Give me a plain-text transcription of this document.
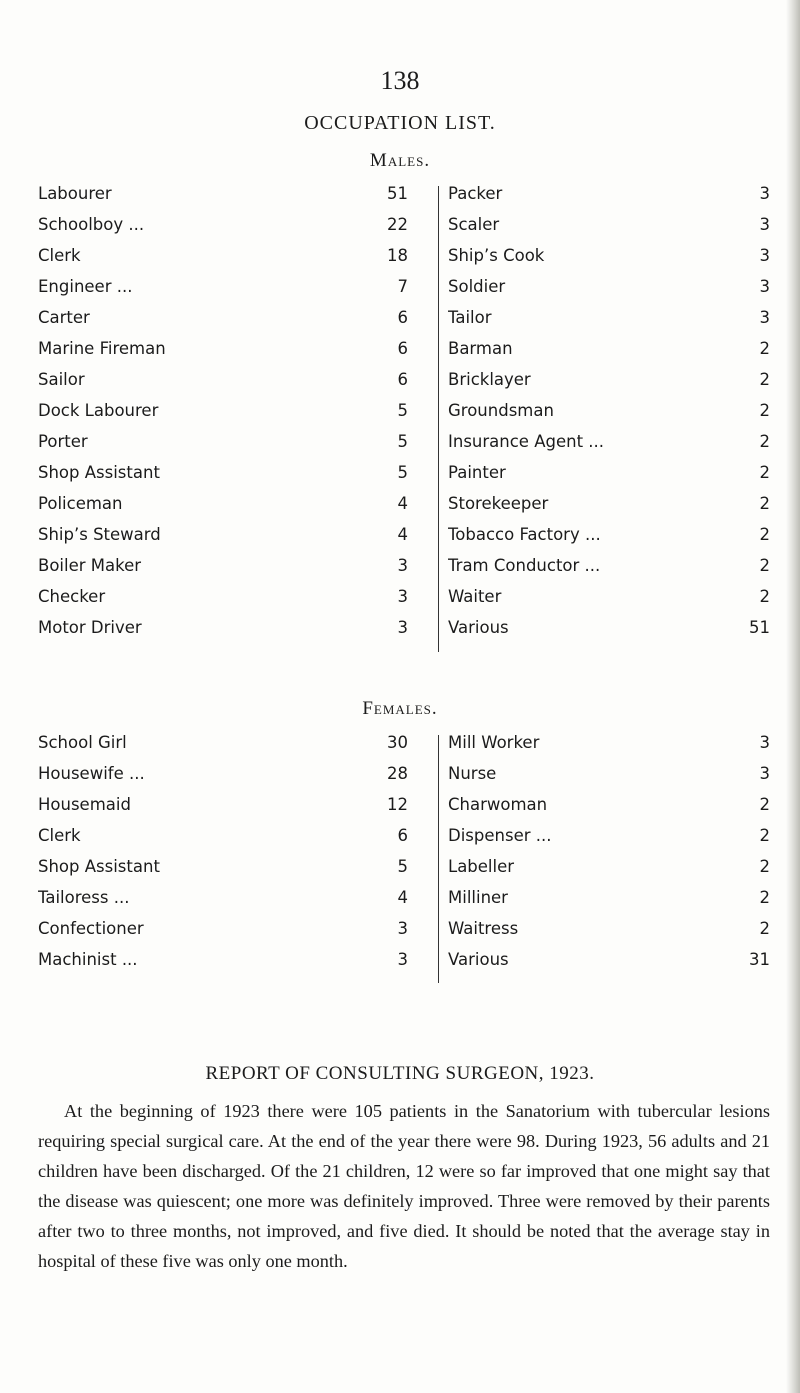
138
OCCUPATION LIST.
Males.
Labourer	51 Packer	3
Schoolboy ...	22 Scaler	3
Clerk	18 Ship’s Cook	3
Engineer ...	7 Soldier	3
Carter	6 Tailor	3
Marine Fireman	6 Barman	2
Sailor	6 Bricklayer	2
Dock Labourer	5 Groundsman	2
Porter	5 Insurance Agent ...	2
Shop Assistant	5 Painter	2
Policeman	4 Storekeeper	2
Ship’s Steward	4 Tobacco Factory ...	2
Boiler Maker	3 Tram Conductor ...	2
Checker	3 Waiter	2
Motor Driver	3 Various	51
Females.
School Girl	30 Mill Worker	3
Housewife ...	28 Nurse	3
Housemaid	12 Charwoman	2
Clerk	6 Dispenser ...	2
Shop Assistant	5 Labeller	2
Tailoress ...	4 Milliner	2
Confectioner	3 Waitress	2
Machinist ...	3 Various	31
REPORT OF CONSULTING SURGEON, 1923.
At the beginning of 1923 there were 105 patients in the Sanatorium with tubercular lesions requiring special surgical care. At the end of the year there were 98. During 1923, 56 adults and 21 children have been discharged. Of the 21 children, 12 were so far improved that one might say that the disease was quiescent; one more was definitely improved. Three were removed by their parents after two to three months, not improved, and five died. It should be noted that the average stay in hospital of these five was only one month.
